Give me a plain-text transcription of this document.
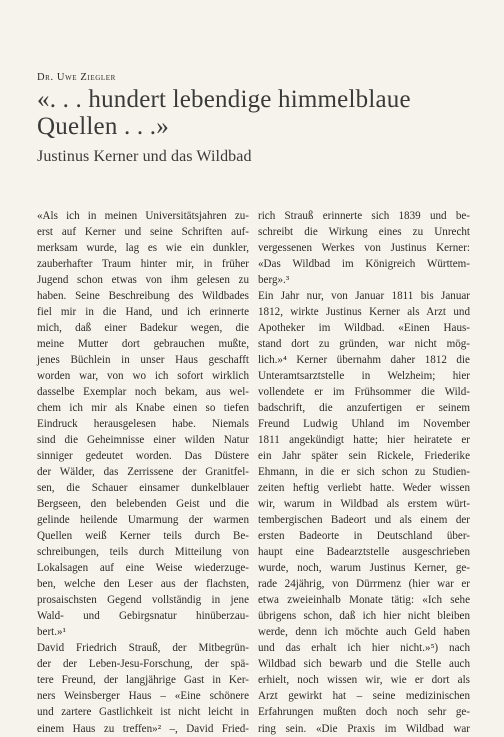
Dr. Uwe Ziegler
«. . . hundert lebendige himmelblaue
Quellen . . .»
Justinus Kerner und das Wildbad
«Als ich in meinen Universitätsjahren zu-
erst auf Kerner und seine Schriften auf-
merksam wurde, lag es wie ein dunkler,
zauberhafter Traum hinter mir, in früher
Jugend schon etwas von ihm gelesen zu
haben. Seine Beschreibung des Wildbades
fiel mir in die Hand, und ich erinnerte
mich, daß einer Badekur wegen, die
meine Mutter dort gebrauchen mußte,
jenes Büchlein in unser Haus geschafft
worden war, von wo ich sofort wirklich
dasselbe Exemplar noch bekam, aus wel-
chem ich mir als Knabe einen so tiefen
Eindruck herausgelesen habe. Niemals
sind die Geheimnisse einer wilden Natur
sinniger gedeutet worden. Das Düstere
der Wälder, das Zerrissene der Granitfel-
sen, die Schauer einsamer dunkelblauer
Bergseen, den belebenden Geist und die
gelinde heilende Umarmung der warmen
Quellen weiß Kerner teils durch Be-
schreibungen, teils durch Mitteilung von
Lokalsagen auf eine Weise wiederzuge-
ben, welche den Leser aus der flachsten,
prosaischsten Gegend vollständig in jene
Wald- und Gebirgsnatur hinüberzau-
bert.»¹
David Friedrich Strauß, der Mitbegrün-
der der Leben-Jesu-Forschung, der spä-
tere Freund, der langjährige Gast in Ker-
ners Weinsberger Haus – «Eine schönere
und zartere Gastlichkeit ist nicht leicht in
einem Haus zu treffen»² –, David Fried-
rich Strauß erinnerte sich 1839 und be-
schreibt die Wirkung eines zu Unrecht
vergessenen Werkes von Justinus Kerner:
«Das Wildbad im Königreich Württem-
berg».³
Ein Jahr nur, von Januar 1811 bis Januar
1812, wirkte Justinus Kerner als Arzt und
Apotheker im Wildbad. «Einen Haus-
stand dort zu gründen, war nicht mög-
lich.»⁴ Kerner übernahm daher 1812 die
Unteramtsarztstelle in Welzheim; hier
vollendete er im Frühsommer die Wild-
badschrift, die anzufertigen er seinem
Freund Ludwig Uhland im November
1811 angekündigt hatte; hier heiratete er
ein Jahr später sein Rickele, Friederike
Ehmann, in die er sich schon zu Studien-
zeiten heftig verliebt hatte. Weder wissen
wir, warum in Wildbad als erstem würt-
tembergischen Badeort und als einem der
ersten Badeorte in Deutschland über-
haupt eine Badearztstelle ausgeschrieben
wurde, noch, warum Justinus Kerner, ge-
rade 24jährig, von Dürrmenz (hier war er
etwa zweieinhalb Monate tätig: «Ich sehe
übrigens schon, daß ich hier nicht bleiben
werde, denn ich möchte auch Geld haben
und das erhalt ich hier nicht.»⁵) nach
Wildbad sich bewarb und die Stelle auch
erhielt, noch wissen wir, wie er dort als
Arzt gewirkt hat – seine medizinischen
Erfahrungen mußten doch noch sehr ge-
ring sein. «Die Praxis im Wildbad war
